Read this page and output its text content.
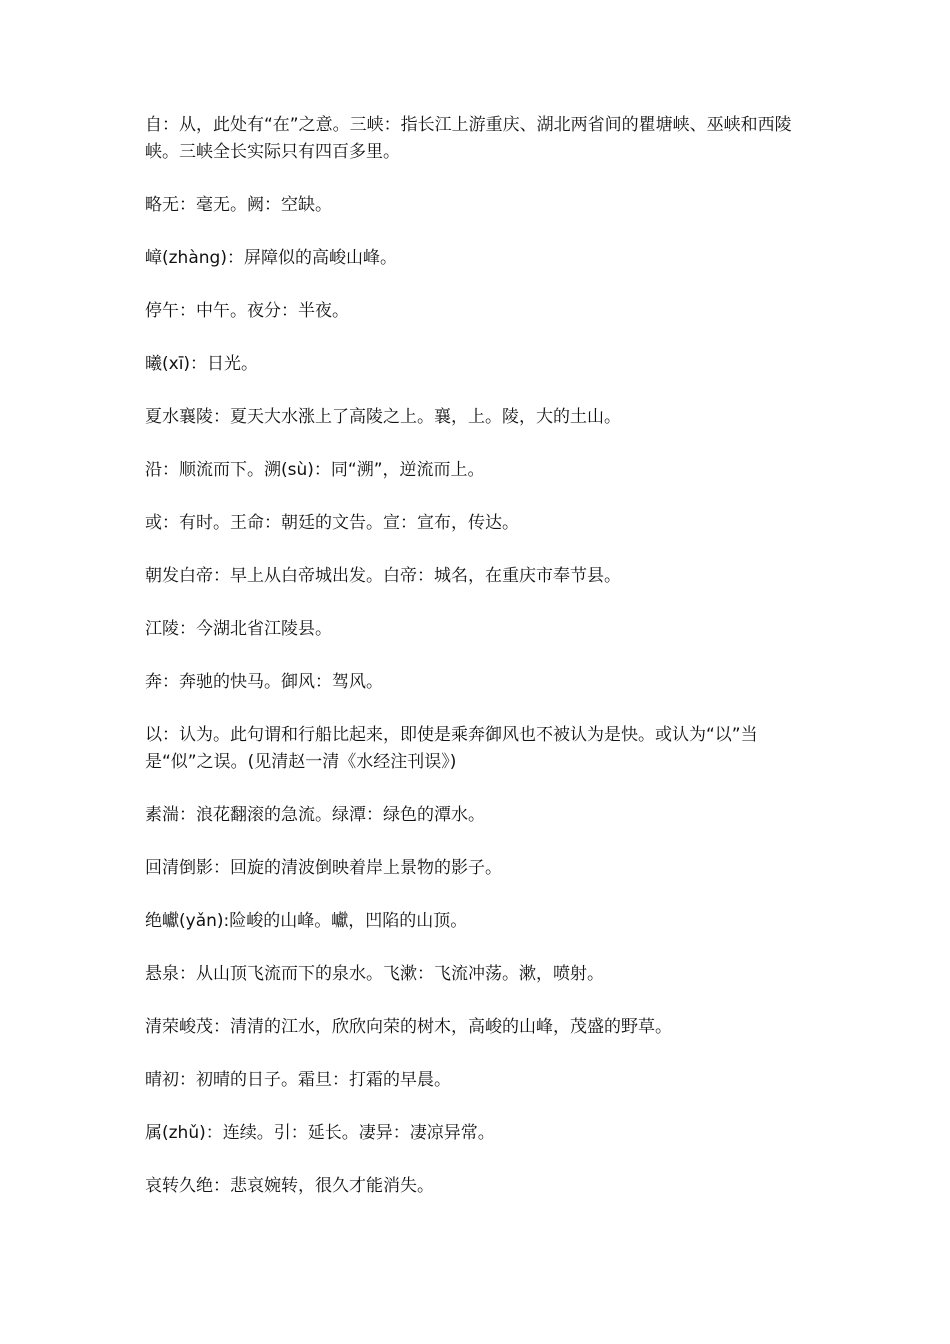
自：从，此处有“在”之意。三峡：指长江上游重庆、湖北两省间的瞿塘峡、巫峡和西陵峡。三峡全长实际只有四百多里。
略无：毫无。阙：空缺。
嶂(zhàng)：屏障似的高峻山峰。
停午：中午。夜分：半夜。
曦(xī)：日光。
夏水襄陵：夏天大水涨上了高陵之上。襄，上。陵，大的土山。
沿：顺流而下。溯(sù)：同“溯”，逆流而上。
或：有时。王命：朝廷的文告。宣：宣布，传达。
朝发白帝：早上从白帝城出发。白帝：城名，在重庆市奉节县。
江陵：今湖北省江陵县。
奔：奔驰的快马。御风：驾风。
以：认为。此句谓和行船比起来，即使是乘奔御风也不被认为是快。或认为“以”当是“似”之误。(见清赵一清《水经注刊误》)
素湍：浪花翻滚的急流。绿潭：绿色的潭水。
回清倒影：回旋的清波倒映着岸上景物的影子。
绝巘(yǎn):险峻的山峰。巘，凹陷的山顶。
悬泉：从山顶飞流而下的泉水。飞漱：飞流冲荡。漱，喷射。
清荣峻茂：清清的江水，欣欣向荣的树木，高峻的山峰，茂盛的野草。
晴初：初晴的日子。霜旦：打霜的早晨。
属(zhǔ)：连续。引：延长。凄异：凄凉异常。
哀转久绝：悲哀婉转，很久才能消失。
